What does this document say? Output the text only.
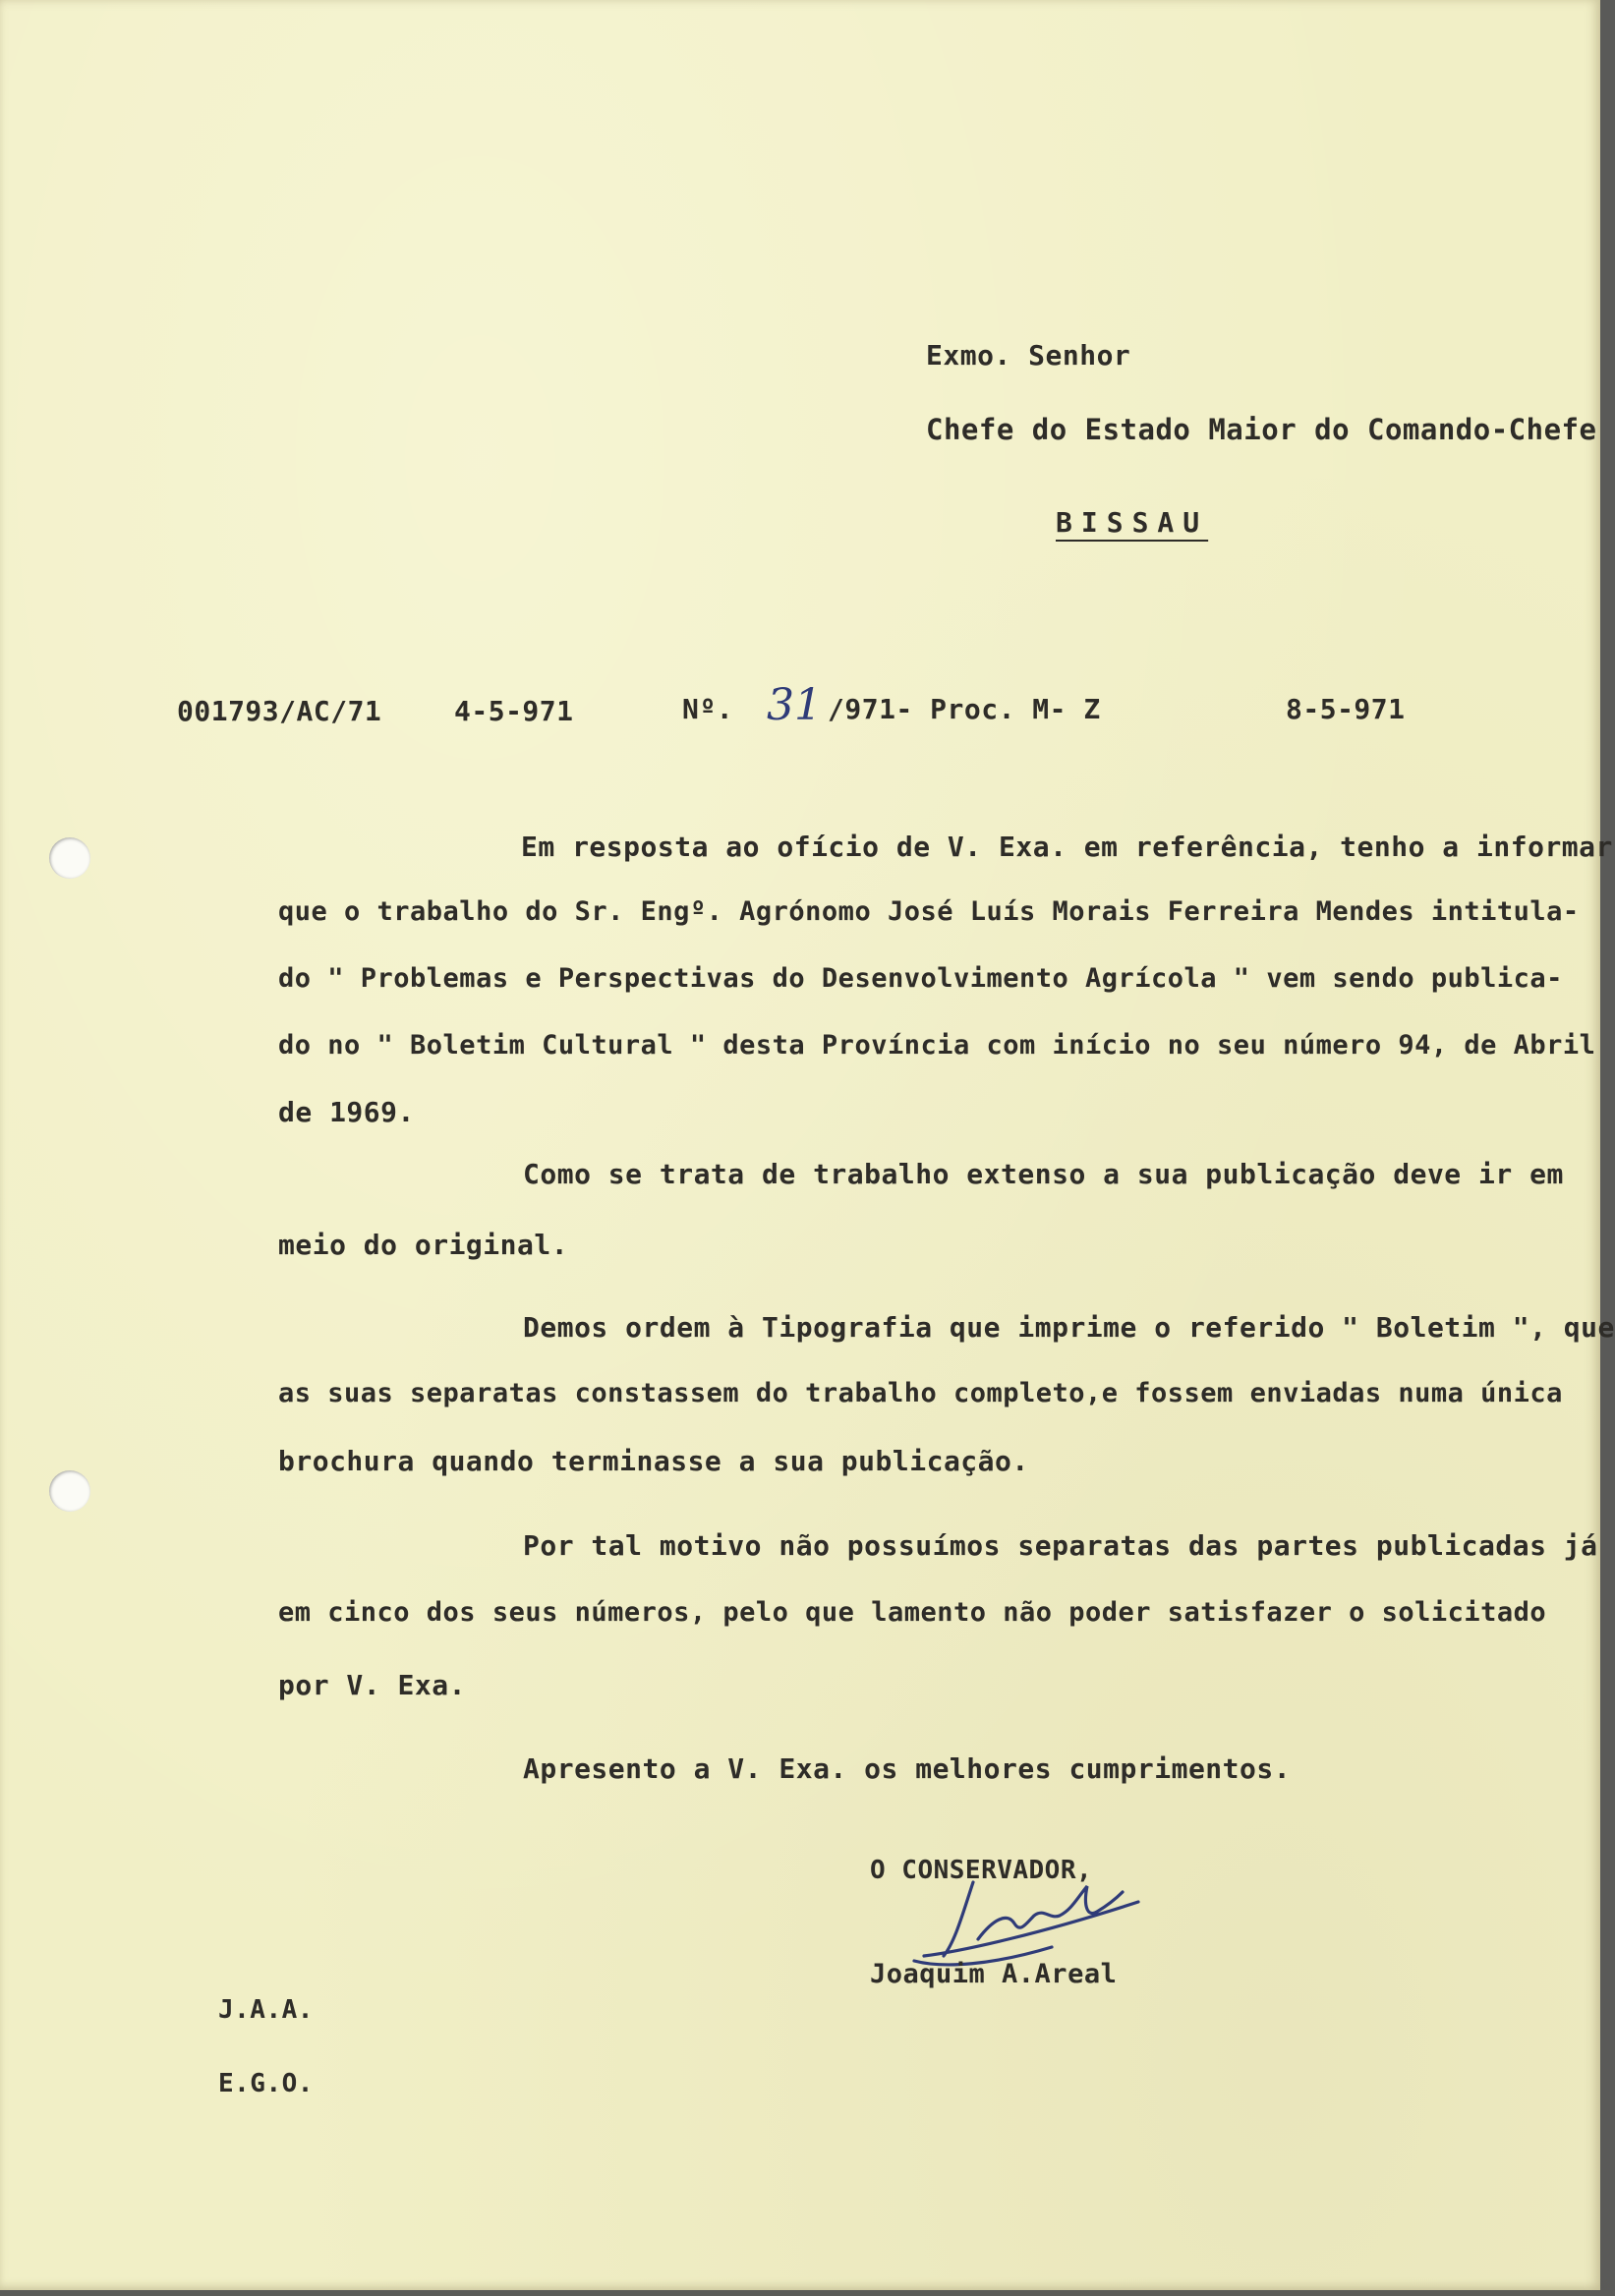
Exmo. Senhor
Chefe do Estado Maior do Comando-Chefe
BISSAU
001793/AC/71	4-5-971	Nº. 31 /971- Proc. M- Z	8-5-971
Em resposta ao ofício de V. Exa. em referência, tenho a informar
que o trabalho do Sr. Engº. Agrónomo José Luís Morais Ferreira Mendes intitula-
do " Problemas e Perspectivas do Desenvolvimento Agrícola " vem sendo publica-
do no " Boletim Cultural " desta Província com início no seu número 94, de Abril
de 1969.
Como se trata de trabalho extenso a sua publicação deve ir em
meio do original.
Demos ordem à Tipografia que imprime o referido " Boletim ", que
as suas separatas constassem do trabalho completo,e fossem enviadas numa única
brochura quando terminasse a sua publicação.
Por tal motivo não possuímos separatas das partes publicadas já
em cinco dos seus números, pelo que lamento não poder satisfazer o solicitado
por V. Exa.
Apresento a V. Exa. os melhores cumprimentos.
O CONSERVADOR,
Joaquim A.Areal
J.A.A.
E.G.O.
